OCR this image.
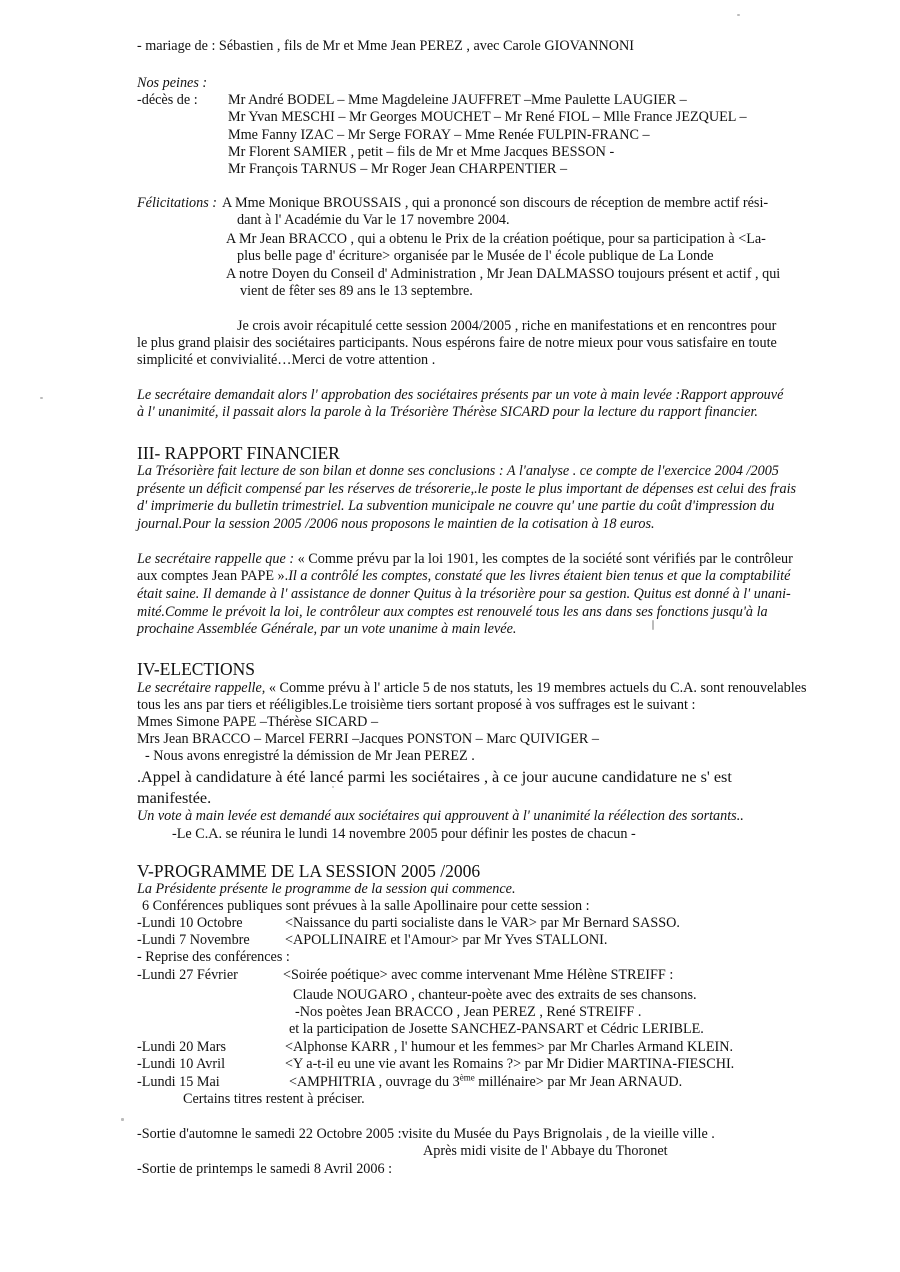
- mariage de : Sébastien , fils de Mr et Mme Jean PEREZ , avec Carole GIOVANNONI
Nos peines :
-décès de : Mr André BODEL – Mme Magdeleine JAUFFRET –Mme Paulette LAUGIER –
Mr Yvan MESCHI – Mr Georges MOUCHET – Mr René FIOL – Mlle France JEZQUEL –
Mme Fanny IZAC – Mr Serge FORAY – Mme Renée FULPIN-FRANC –
Mr Florent SAMIER , petit – fils de Mr et Mme Jacques BESSON -
Mr François TARNUS – Mr Roger Jean CHARPENTIER –
Félicitations : A Mme Monique BROUSSAIS , qui a prononcé son discours de réception de membre actif rési-
dant à l' Académie du Var le 17 novembre 2004.
A Mr Jean BRACCO , qui a obtenu le Prix de la création poétique, pour sa participation à <La-
plus belle page d' écriture> organisée par le Musée de l' école publique de La Londe
A notre Doyen du Conseil d' Administration , Mr Jean DALMASSO toujours présent et actif , qui
vient de fêter ses 89 ans le 13 septembre.
Je crois avoir récapitulé cette session 2004/2005 , riche en manifestations et en rencontres pour
le plus grand plaisir des sociétaires participants. Nous espérons faire de notre mieux pour vous satisfaire en toute
simplicité et convivialité…Merci de votre attention .
Le secrétaire demandait alors l' approbation des sociétaires présents par un vote à main levée :Rapport approuvé
à l' unanimité, il passait alors la parole à la Trésorière Thérèse SICARD pour la lecture du rapport financier.
III- RAPPORT FINANCIER
La Trésorière fait lecture de son bilan et donne ses conclusions : A l'analyse . ce compte de l'exercice 2004 /2005
présente un déficit compensé par les réserves de trésorerie,.le poste le plus important de dépenses est celui des frais
d' imprimerie du bulletin trimestriel. La subvention municipale ne couvre qu' une partie du coût d'impression du
journal.Pour la session 2005 /2006 nous proposons le maintien de la cotisation à 18 euros.
Le secrétaire rappelle que : « Comme prévu par la loi 1901, les comptes de la société sont vérifiés par le contrôleur
aux comptes Jean PAPE ».Il a contrôlé les comptes, constaté que les livres étaient bien tenus et que la comptabilité
était saine. Il demande à l' assistance de donner Quitus à la trésorière pour sa gestion. Quitus est donné à l' unani-
mité.Comme le prévoit la loi, le contrôleur aux comptes est renouvelé tous les ans dans ses fonctions jusqu'à la
prochaine Assemblée Générale, par un vote unanime à main levée.
IV-ELECTIONS
Le secrétaire rappelle, « Comme prévu à l' article 5 de nos statuts, les 19 membres actuels du C.A. sont renouvelables
tous les ans par tiers et rééligibles.Le troisième tiers sortant proposé à vos suffrages est le suivant :
Mmes Simone PAPE –Thérèse SICARD –
Mrs Jean BRACCO – Marcel FERRI –Jacques PONSTON – Marc QUIVIGER –
- Nous avons enregistré la démission de Mr Jean PEREZ .
.Appel à candidature à été lancé parmi les sociétaires , à ce jour aucune candidature ne s' est
manifestée.
Un vote à main levée est demandé aux sociétaires qui approuvent à l' unanimité la réélection des sortants..
-Le C.A. se réunira le lundi 14 novembre 2005 pour définir les postes de chacun -
V-PROGRAMME DE LA SESSION 2005 /2006
La Présidente présente le programme de la session qui commence.
6 Conférences publiques sont prévues à la salle Apollinaire pour cette session :
-Lundi 10 Octobre	<Naissance du parti socialiste dans le VAR> par Mr Bernard SASSO.
-Lundi 7 Novembre <APOLLINAIRE et l'Amour> par Mr Yves STALLONI.
- Reprise des conférences :
-Lundi 27 Février	<Soirée poétique> avec comme intervenant Mme Hélène STREIFF :
Claude NOUGARO , chanteur-poète avec des extraits de ses chansons.
-Nos poètes Jean BRACCO , Jean PEREZ , René STREIFF .
et la participation de Josette SANCHEZ-PANSART et Cédric LERIBLE.
-Lundi 20 Mars	<Alphonse KARR , l' humour et les femmes> par Mr Charles Armand KLEIN.
-Lundi 10 Avril	<Y a-t-il eu une vie avant les Romains ?> par Mr Didier MARTINA-FIESCHI.
-Lundi 15 Mai	<AMPHITRIA , ouvrage du 3ème millénaire> par Mr Jean ARNAUD.
Certains titres restent à préciser.
-Sortie d'automne le samedi 22 Octobre 2005 :visite du Musée du Pays Brignolais , de la vieille ville .
Après midi visite de l' Abbaye du Thoronet
-Sortie de printemps le samedi 8 Avril 2006 :
